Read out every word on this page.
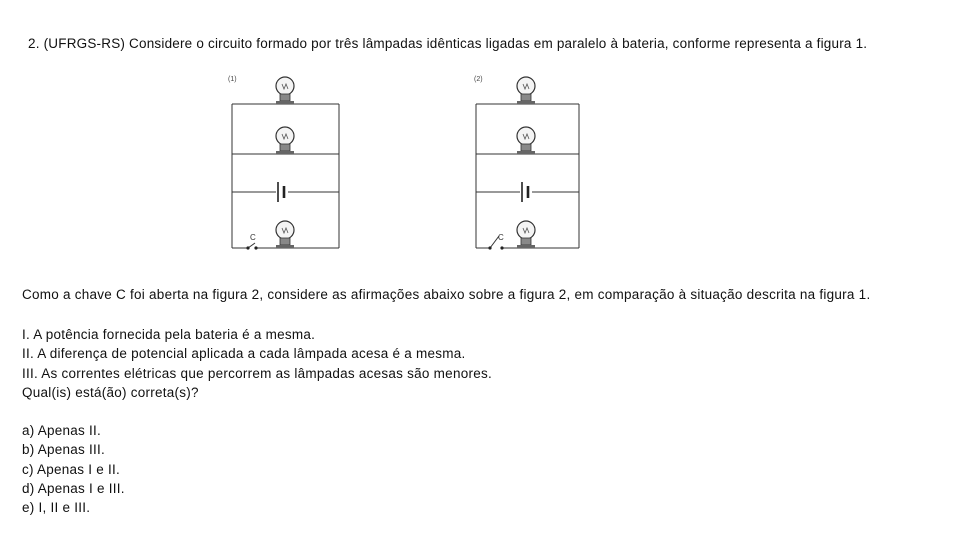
2. (UFRGS-RS) Considere o circuito formado por três lâmpadas idênticas ligadas em paralelo à bateria, conforme representa a figura 1.
(1)
C
(2)
C
Como a chave C foi aberta na figura 2, considere as afirmações abaixo sobre a figura 2, em comparação à situação descrita na figura 1.
I. A potência fornecida pela bateria é a mesma.
II. A diferença de potencial aplicada a cada lâmpada acesa é a mesma.
III. As correntes elétricas que percorrem as lâmpadas acesas são menores.
Qual(is) está(ão) correta(s)?
a) Apenas II.
b) Apenas III.
c) Apenas I e II.
d) Apenas I e III.
e) I, II e III.
